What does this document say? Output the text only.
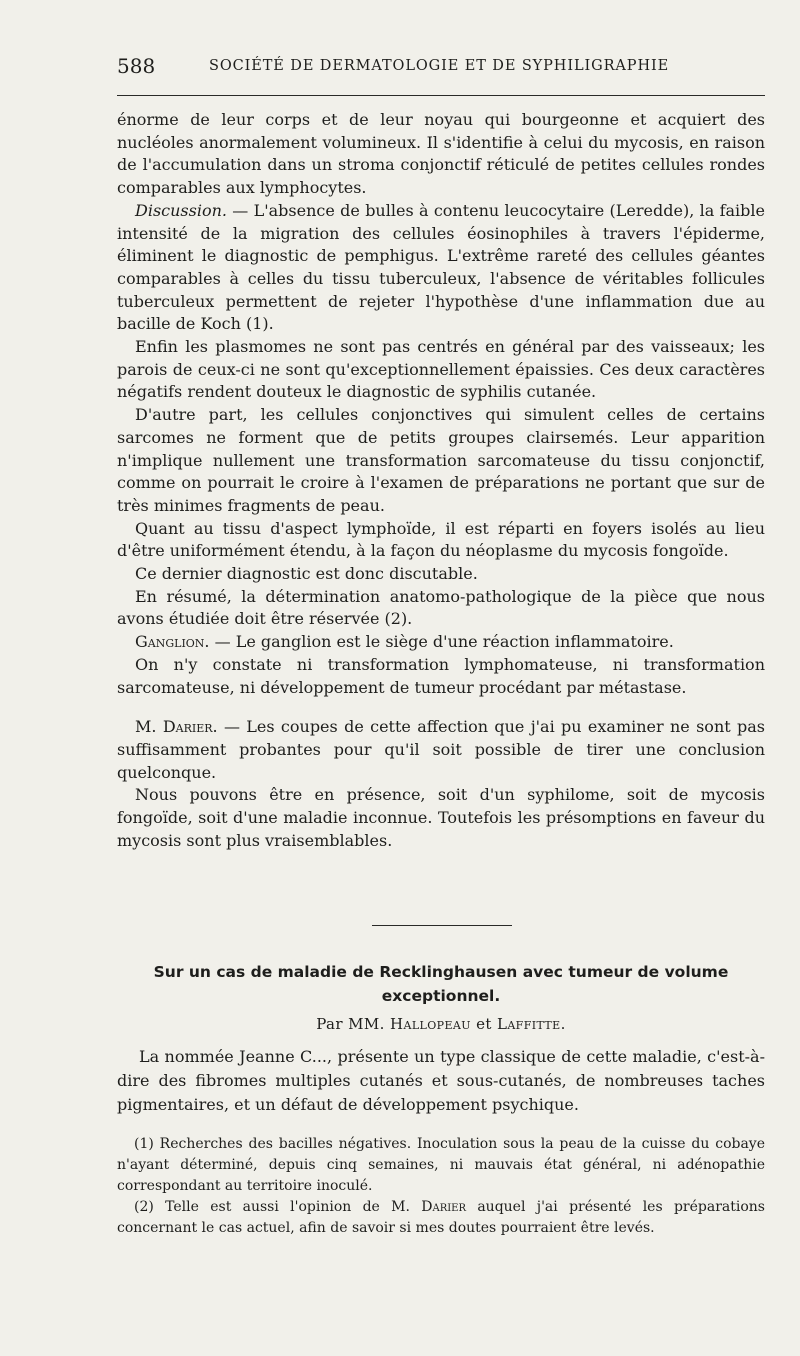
588	SOCIÉTÉ DE DERMATOLOGIE ET DE SYPHILIGRAPHIE

énorme de leur corps et de leur noyau qui bourgeonne et acquiert des nucléoles anormalement volumineux. Il s'identifie à celui du mycosis, en raison de l'accumulation dans un stroma conjonctif réticulé de petites cellules rondes comparables aux lymphocytes.

Discussion. — L'absence de bulles à contenu leucocytaire (Leredde), la faible intensité de la migration des cellules éosinophiles à travers l'épiderme, éliminent le diagnostic de pemphigus. L'extrême rareté des cellules géantes comparables à celles du tissu tuberculeux, l'absence de véritables follicules tuberculeux permettent de rejeter l'hypothèse d'une inflammation due au bacille de Koch (1).

Enfin les plasmomes ne sont pas centrés en général par des vaisseaux; les parois de ceux-ci ne sont qu'exceptionnellement épaissies. Ces deux caractères négatifs rendent douteux le diagnostic de syphilis cutanée.

D'autre part, les cellules conjonctives qui simulent celles de certains sarcomes ne forment que de petits groupes clairsemés. Leur apparition n'implique nullement une transformation sarcomateuse du tissu conjonctif, comme on pourrait le croire à l'examen de préparations ne portant que sur de très minimes fragments de peau.

Quant au tissu d'aspect lymphoïde, il est réparti en foyers isolés au lieu d'être uniformément étendu, à la façon du néoplasme du mycosis fongoïde.

Ce dernier diagnostic est donc discutable.

En résumé, la détermination anatomo-pathologique de la pièce que nous avons étudiée doit être réservée (2).

Ganglion. — Le ganglion est le siège d'une réaction inflammatoire.

On n'y constate ni transformation lymphomateuse, ni transformation sarcomateuse, ni développement de tumeur procédant par métastase.

M. Darier. — Les coupes de cette affection que j'ai pu examiner ne sont pas suffisamment probantes pour qu'il soit possible de tirer une conclusion quelconque.

Nous pouvons être en présence, soit d'un syphilome, soit de mycosis fongoïde, soit d'une maladie inconnue. Toutefois les présomptions en faveur du mycosis sont plus vraisemblables.

Sur un cas de maladie de Recklinghausen avec tumeur de volume exceptionnel.
Par MM. Hallopeau et Laffitte.

La nommée Jeanne C..., présente un type classique de cette maladie, c'est-à-dire des fibromes multiples cutanés et sous-cutanés, de nombreuses taches pigmentaires, et un défaut de développement psychique.

(1) Recherches des bacilles négatives. Inoculation sous la peau de la cuisse du cobaye n'ayant déterminé, depuis cinq semaines, ni mauvais état général, ni adénopathie correspondant au territoire inoculé.

(2) Telle est aussi l'opinion de M. Darier auquel j'ai présenté les préparations concernant le cas actuel, afin de savoir si mes doutes pourraient être levés.
